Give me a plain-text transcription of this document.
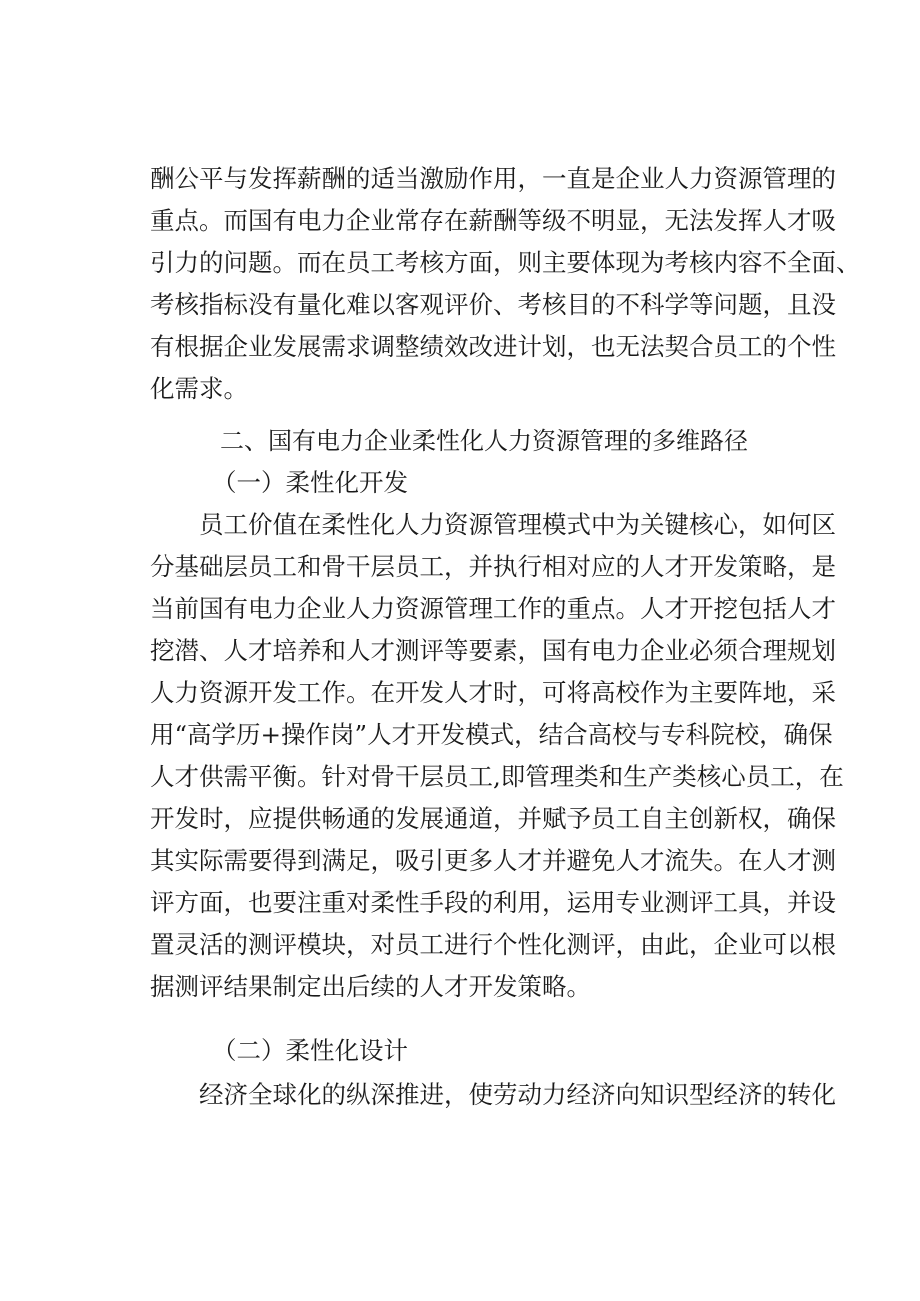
酬公平与发挥薪酬的适当激励作用，一直是企业人力资源管理的

重点。而国有电力企业常存在薪酬等级不明显，无法发挥人才吸

引力的问题。而在员工考核方面，则主要体现为考核内容不全面、

考核指标没有量化难以客观评价、考核目的不科学等问题，且没

有根据企业发展需求调整绩效改进计划，也无法契合员工的个性

化需求。

二、国有电力企业柔性化人力资源管理的多维路径
（一）柔性化开发

员工价值在柔性化人力资源管理模式中为关键核心，如何区

分基础层员工和骨干层员工，并执行相对应的人才开发策略，是

当前国有电力企业人力资源管理工作的重点。人才开挖包括人才

挖潜、人才培养和人才测评等要素，国有电力企业必须合理规划

人力资源开发工作。在开发人才时，可将高校作为主要阵地，采

用“高学历+操作岗”人才开发模式，结合高校与专科院校，确保

人才供需平衡。针对骨干层员工,即管理类和生产类核心员工，在

开发时，应提供畅通的发展通道，并赋予员工自主创新权，确保

其实际需要得到满足，吸引更多人才并避免人才流失。在人才测

评方面，也要注重对柔性手段的利用，运用专业测评工具，并设

置灵活的测评模块，对员工进行个性化测评，由此，企业可以根

据测评结果制定出后续的人才开发策略。

（二）柔性化设计

经济全球化的纵深推进，使劳动力经济向知识型经济的转化
